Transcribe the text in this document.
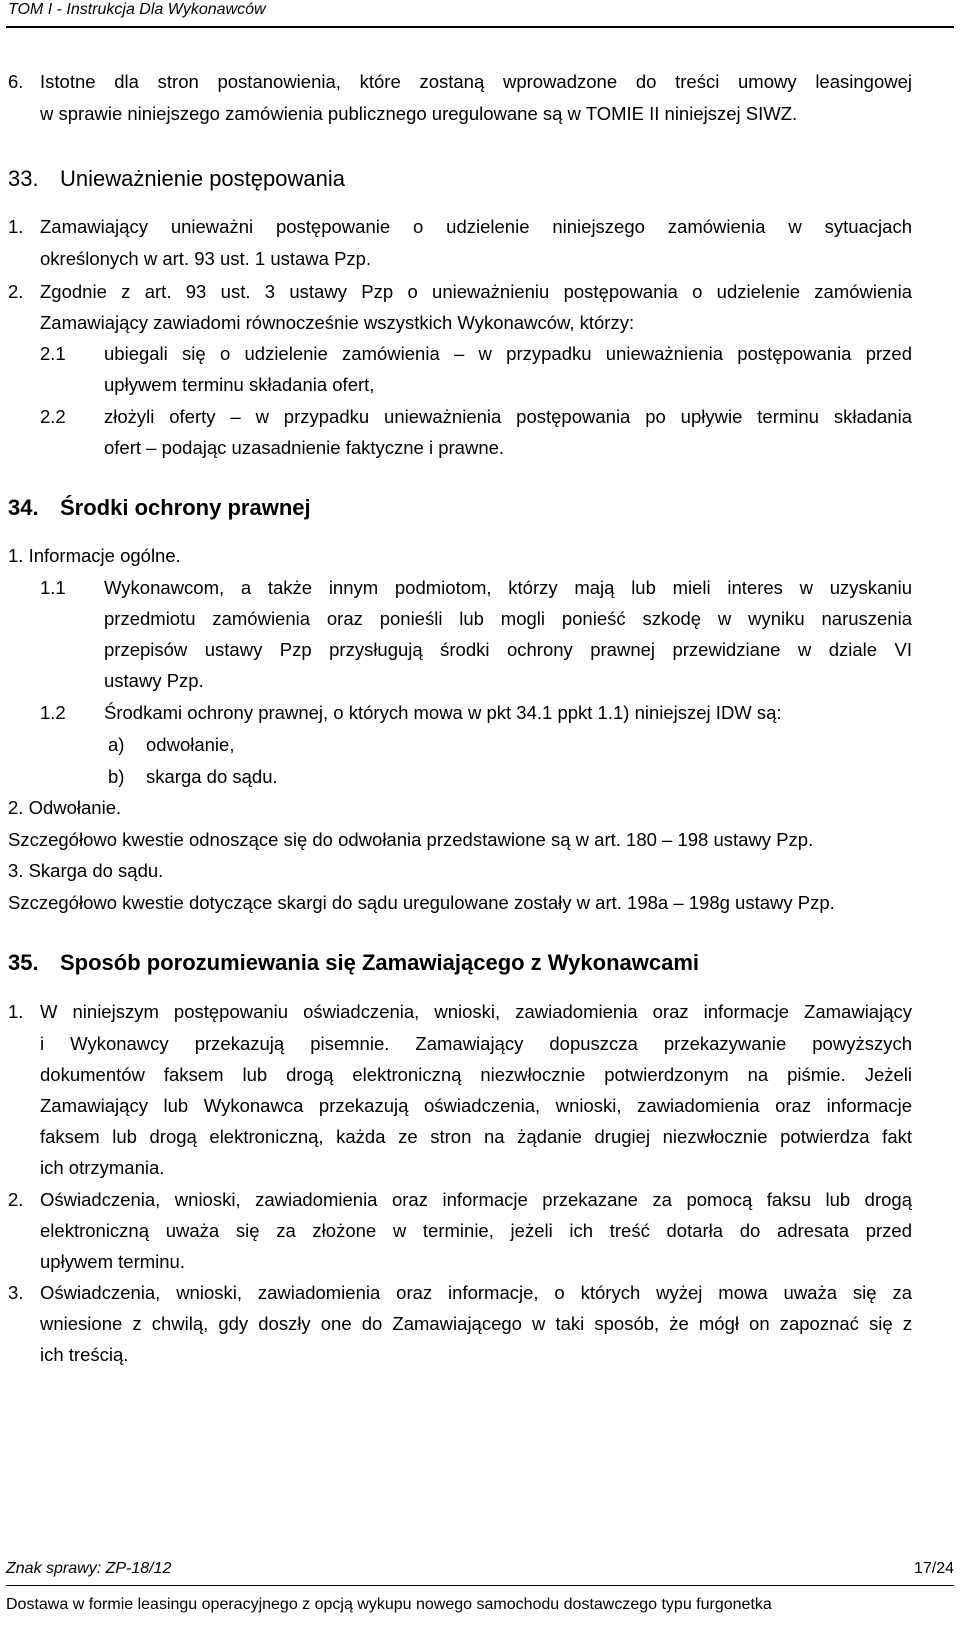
TOM I - Instrukcja Dla Wykonawców
6. Istotne dla stron postanowienia, które zostaną wprowadzone do treści umowy leasingowej
w sprawie niniejszego zamówienia publicznego uregulowane są w TOMIE II niniejszej SIWZ.
33. Unieważnienie postępowania
1. Zamawiający unieważni postępowanie o udzielenie niniejszego zamówienia w sytuacjach
określonych w art. 93 ust. 1 ustawa Pzp.
2. Zgodnie z art. 93 ust. 3 ustawy Pzp o unieważnieniu postępowania o udzielenie zamówienia
Zamawiający zawiadomi równocześnie wszystkich Wykonawców, którzy:
2.1 ubiegali się o udzielenie zamówienia – w przypadku unieważnienia postępowania przed
upływem terminu składania ofert,
2.2 złożyli oferty – w przypadku unieważnienia postępowania po upływie terminu składania
ofert – podając uzasadnienie faktyczne i prawne.
34. Środki ochrony prawnej
1. Informacje ogólne.
1.1 Wykonawcom, a także innym podmiotom, którzy mają lub mieli interes w uzyskaniu
przedmiotu zamówienia oraz ponieśli lub mogli ponieść szkodę w wyniku naruszenia
przepisów ustawy Pzp przysługują środki ochrony prawnej przewidziane w dziale VI
ustawy Pzp.
1.2 Środkami ochrony prawnej, o których mowa w pkt 34.1 ppkt 1.1) niniejszej IDW są:
a) odwołanie,
b) skarga do sądu.
2. Odwołanie.
Szczegółowo kwestie odnoszące się do odwołania przedstawione są w art. 180 – 198 ustawy Pzp.
3. Skarga do sądu.
Szczegółowo kwestie dotyczące skargi do sądu uregulowane zostały w art. 198a – 198g ustawy Pzp.
35. Sposób porozumiewania się Zamawiającego z Wykonawcami
1. W niniejszym postępowaniu oświadczenia, wnioski, zawiadomienia oraz informacje Zamawiający
i Wykonawcy przekazują pisemnie. Zamawiający dopuszcza przekazywanie powyższych
dokumentów faksem lub drogą elektroniczną niezwłocznie potwierdzonym na piśmie. Jeżeli
Zamawiający lub Wykonawca przekazują oświadczenia, wnioski, zawiadomienia oraz informacje
faksem lub drogą elektroniczną, każda ze stron na żądanie drugiej niezwłocznie potwierdza fakt
ich otrzymania.
2. Oświadczenia, wnioski, zawiadomienia oraz informacje przekazane za pomocą faksu lub drogą
elektroniczną uważa się za złożone w terminie, jeżeli ich treść dotarła do adresata przed
upływem terminu.
3. Oświadczenia, wnioski, zawiadomienia oraz informacje, o których wyżej mowa uważa się za
wniesione z chwilą, gdy doszły one do Zamawiającego w taki sposób, że mógł on zapoznać się z
ich treścią.
Znak sprawy: ZP-18/12	17/24
Dostawa w formie leasingu operacyjnego z opcją wykupu nowego samochodu dostawczego typu furgonetka
